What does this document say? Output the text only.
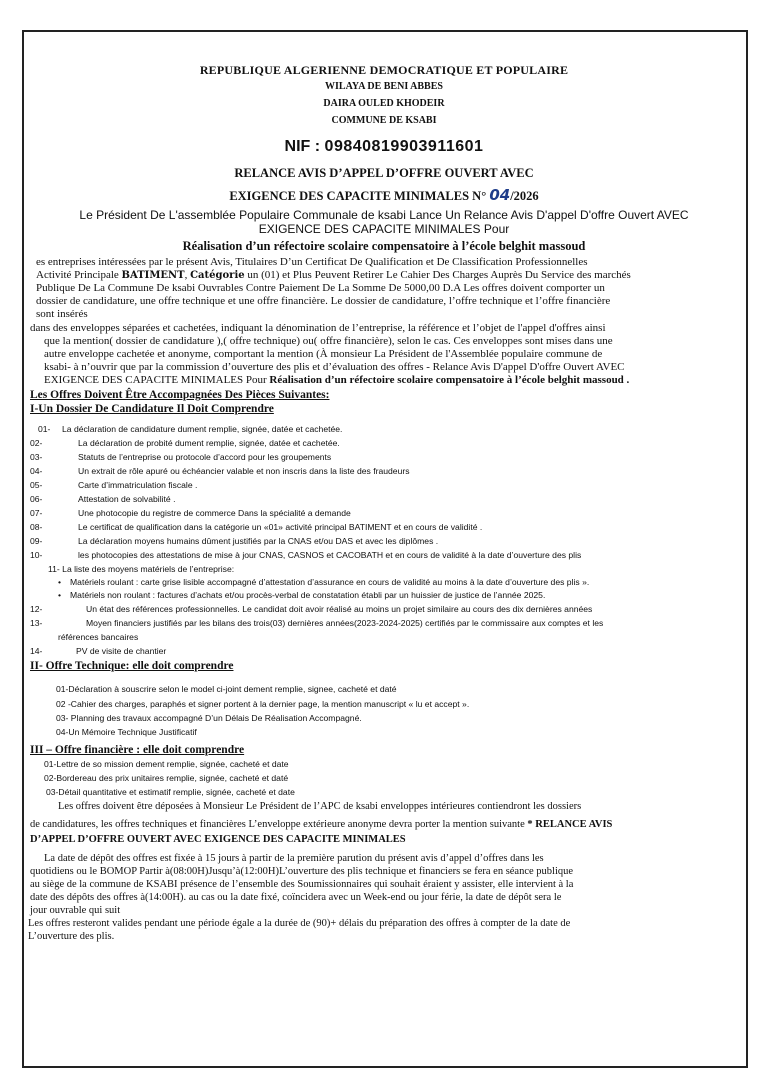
REPUBLIQUE ALGERIENNE DEMOCRATIQUE ET POPULAIRE
WILAYA DE BENI ABBES
DAIRA OULED KHODEIR
COMMUNE DE KSABI
NIF : 09840819903911601
RELANCE AVIS D’APPEL D’OFFRE OUVERT AVEC
EXIGENCE DES CAPACITE MINIMALES N° 04/2026
Le Président De L'assemblée Populaire Communale de ksabi Lance Un Relance Avis D'appel D'offre Ouvert AVEC
EXIGENCE DES CAPACITE MINIMALES Pour
Réalisation d’un réfectoire scolaire compensatoire à l’école belghit massoud
es entreprises intéressées par le présent Avis, Titulaires D’un Certificat De Qualification et De Classification Professionnelles
Activité Principale BATIMENT, Catégorie un (01) et Plus Peuvent Retirer Le Cahier Des Charges Auprès Du Service des marchés
Publique De La Commune De ksabi Ouvrables Contre Paiement De La Somme De 5000,00 D.A Les offres doivent comporter un
dossier de candidature, une offre technique et une offre financière. Le dossier de candidature, l’offre technique et l’offre financière
sont insérés
dans des enveloppes séparées et cachetées, indiquant la dénomination de l’entreprise, la référence et l’objet de l'appel d'offres ainsi
que la mention( dossier de candidature ),( offre technique) ou( offre financière), selon le cas. Ces enveloppes sont mises dans une
autre enveloppe cachetée et anonyme, comportant la mention (À monsieur La Président de l'Assemblée populaire commune de
ksabi- à n’ouvrir que par la commission d’ouverture des plis et d’évaluation des offres - Relance Avis D'appel D'offre Ouvert AVEC
EXIGENCE DES CAPACITE MINIMALES Pour Réalisation d’un réfectoire scolaire compensatoire à l’école belghit massoud .
Les Offres Doivent Être Accompagnées Des Pièces Suivantes:
I-Un Dossier De Candidature Il Doit Comprendre
01-	La déclaration de candidature dument remplie, signée, datée et cachetée.
02-	La déclaration de probité dument remplie, signée, datée et cachetée.
03-	Statuts de l’entreprise ou protocole d’accord pour les groupements
04-	Un extrait de rôle apuré ou échéancier valable et non inscris dans la liste des fraudeurs
05-	Carte d’immatriculation fiscale .
06-	Attestation de solvabilité .
07-	Une photocopie du registre de commerce Dans la spécialité a demande
08-	Le certificat de qualification dans la catégorie un «01» activité principal BATIMENT et en cours de validité .
09-	La déclaration moyens humains dûment justifiés par la CNAS et/ou DAS et avec les diplômes .
10-	les photocopies des attestations de mise à jour CNAS, CASNOS et CACOBATH et en cours de validité à la date d’ouverture des plis
11- La liste des moyens matériels de l’entreprise:
•	Matériels roulant : carte grise lisible accompagné d’attestation d’assurance en cours de validité au moins à la date d’ouverture des plis ».
•	Matériels non roulant : factures d’achats et/ou procès-verbal de constatation établi par un huissier de justice de l’année 2025.
12-	Un état des références professionnelles. Le candidat doit avoir réalisé au moins un projet similaire au cours des dix dernières années
13-	Moyen financiers justifiés par les bilans des trois(03) dernières années(2023-2024-2025) certifiés par le commissaire aux comptes et les
références bancaires
14-	PV de visite de chantier
II- Offre Technique: elle doit comprendre
01-Déclaration à souscrire selon le model ci-joint dement remplie, signee, cacheté et daté
02 -Cahier des charges, paraphés et signer portent à la dernier page, la mention manuscript « lu et accept ».
03- Planning des travaux accompagné D’un Délais De Réalisation Accompagné.
04-Un Mémoire Technique Justificatif
III – Offre financière : elle doit comprendre
01-Lettre de so mission dement remplie, signée, cacheté et date
02-Bordereau des prix unitaires remplie, signée, cacheté et daté
03-Détail quantitative et estimatif remplie, signée, cacheté et date
Les offres doivent être déposées à Monsieur Le Président de l’APC de ksabi enveloppes intérieures contiendront les dossiers
de candidatures, les offres techniques et financières L’enveloppe extérieure anonyme devra porter la mention suivante * RELANCE AVIS
D’APPEL D’OFFRE OUVERT AVEC EXIGENCE DES CAPACITE MINIMALES
La date de dépôt des offres est fixée à 15 jours à partir de la première parution du présent avis d’appel d’offres dans les
quotidiens ou le BOMOP Partir à(08:00H)Jusqu’à(12:00H)L’ouverture des plis technique et financiers se fera en séance publique
au siège de la commune de KSABI présence de l’ensemble des Soumissionnaires qui souhait éraient y assister, elle intervient à la
date des dépôts des offres à(14:00H). au cas ou la date fixé, coïncidera avec un Week-end ou jour férie, la date de dépôt sera le
jour ouvrable qui suit
Les offres resteront valides pendant une période égale a la durée de (90)+ délais du préparation des offres à compter de la date de
L’ouverture des plis.
